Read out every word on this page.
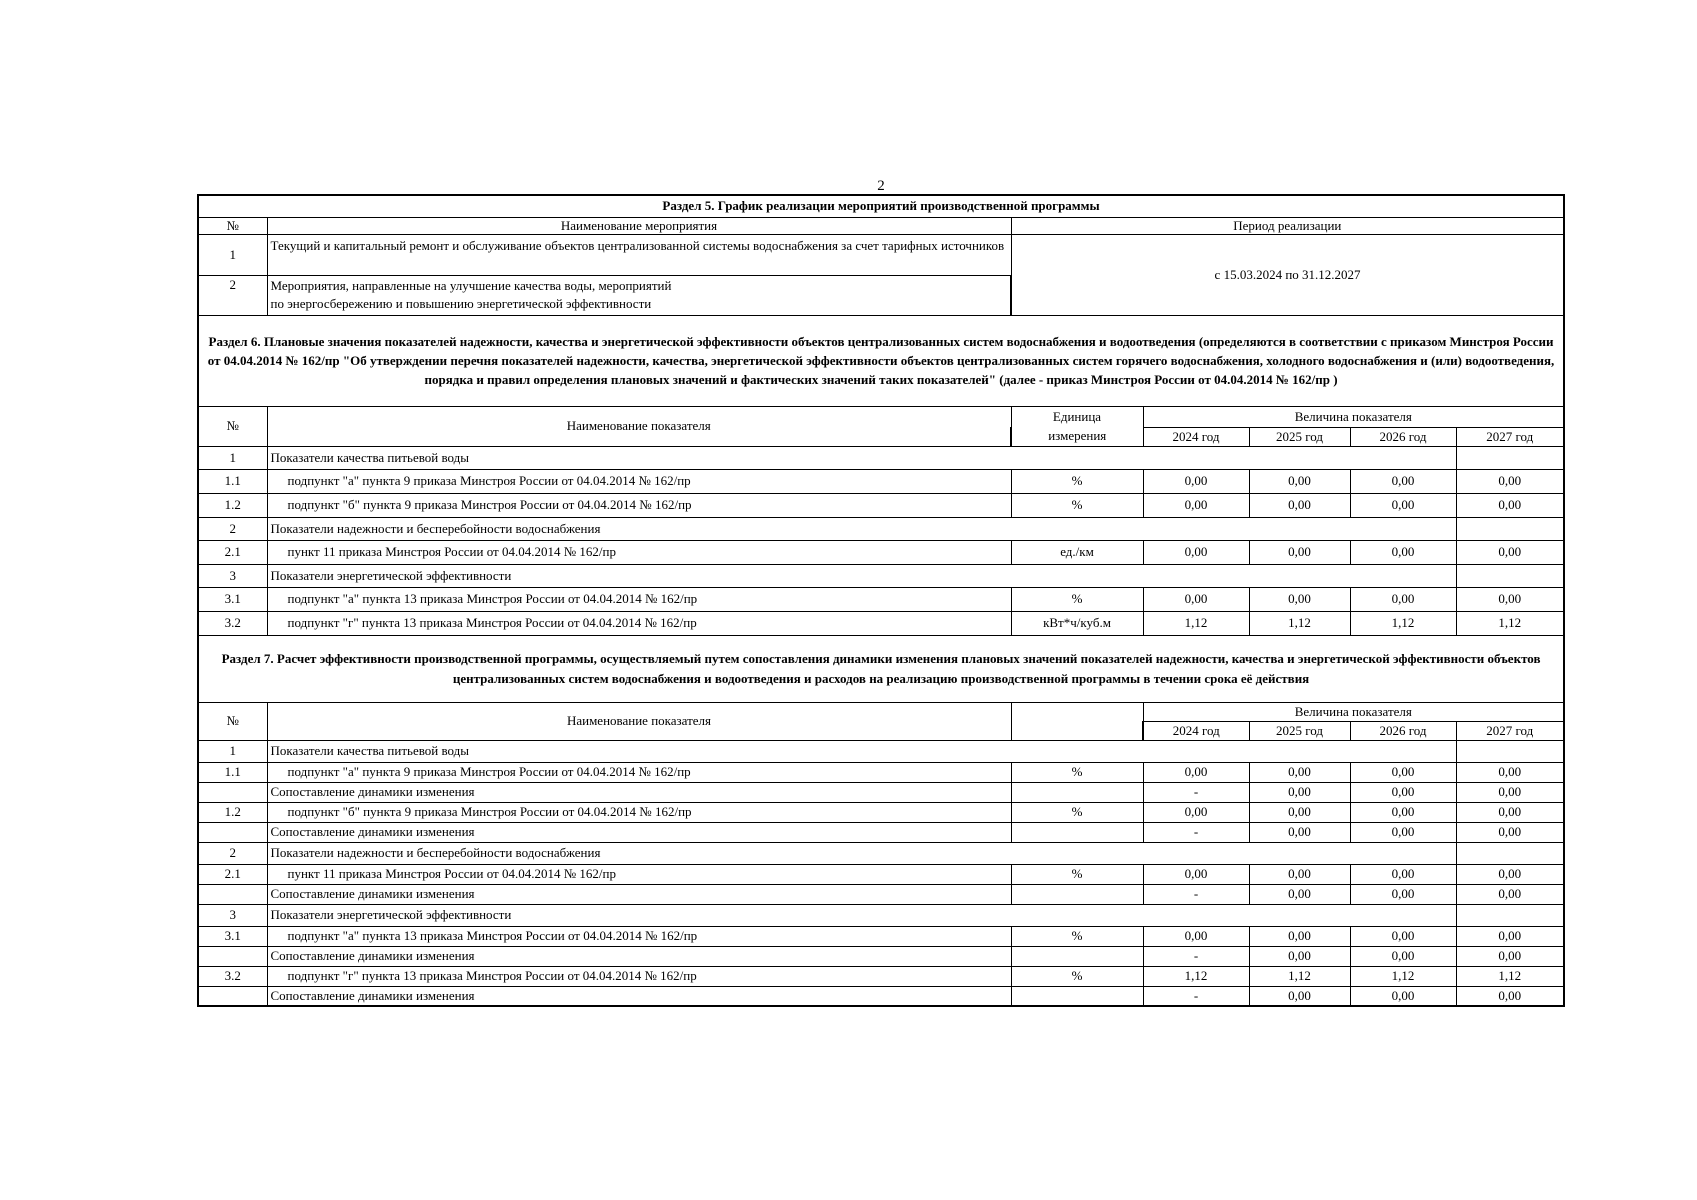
2
Раздел 5. График реализации мероприятий производственной программы						
№	Наименование мероприятия	Период реализации				
1	Текущий и капитальный ремонт и обслуживание объектов централизованной системы водоснабжения за счет тарифных источников	с 15.03.2024 по 31.12.2027				
2	Мероприятия, направленные на улучшение качества воды, мероприятий
по энергосбережению и повышению энергетической эффективности					
Раздел 6. Плановые значения показателей надежности, качества и энергетической эффективности объектов централизованных систем водоснабжения и водоотведения (определяются в соответствии с приказом Минстроя России от 04.04.2014 № 162/пр "Об утверждении перечня показателей надежности, качества, энергетической эффективности объектов централизованных систем горячего водоснабжения, холодного водоснабжения и (или) водоотведения, порядка и правил определения плановых значений и фактических значений таких показателей" (далее - приказ Минстроя России от 04.04.2014 № 162/пр )						
№	Наименование показателя	Единица	Величина показателя			
		измерения	2024 год	2025 год	2026 год	2027 год
1	Показатели качества питьевой воды					
1.1	подпункт "а" пункта 9 приказа Минстроя России от 04.04.2014 № 162/пр	%	0,00	0,00	0,00	0,00
1.2	подпункт "б" пункта 9 приказа Минстроя России от 04.04.2014 № 162/пр	%	0,00	0,00	0,00	0,00
2	Показатели надежности и бесперебойности водоснабжения					
2.1	пункт 11 приказа Минстроя России от 04.04.2014 № 162/пр	ед./км	0,00	0,00	0,00	0,00
3	Показатели энергетической эффективности					
3.1	подпункт "а" пункта 13 приказа Минстроя России от 04.04.2014 № 162/пр	%	0,00	0,00	0,00	0,00
3.2	подпункт "г" пункта 13 приказа Минстроя России от 04.04.2014 № 162/пр	кВт*ч/куб.м	1,12	1,12	1,12	1,12
Раздел 7. Расчет эффективности производственной программы, осуществляемый путем сопоставления динамики изменения плановых значений показателей надежности, качества и энергетической эффективности объектов централизованных систем водоснабжения и водоотведения и расходов на реализацию производственной программы в течении срока её действия						
№	Наименование показателя		Величина показателя			
			2024 год	2025 год	2026 год	2027 год
1	Показатели качества питьевой воды					
1.1	подпункт "а" пункта 9 приказа Минстроя России от 04.04.2014 № 162/пр	%	0,00	0,00	0,00	0,00
	Сопоставление динамики изменения		-	0,00	0,00	0,00
1.2	подпункт "б" пункта 9 приказа Минстроя России от 04.04.2014 № 162/пр	%	0,00	0,00	0,00	0,00
	Сопоставление динамики изменения		-	0,00	0,00	0,00
2	Показатели надежности и бесперебойности водоснабжения					
2.1	пункт 11 приказа Минстроя России от 04.04.2014 № 162/пр	%	0,00	0,00	0,00	0,00
	Сопоставление динамики изменения		-	0,00	0,00	0,00
3	Показатели энергетической эффективности					
3.1	подпункт "а" пункта 13 приказа Минстроя России от 04.04.2014 № 162/пр	%	0,00	0,00	0,00	0,00
	Сопоставление динамики изменения		-	0,00	0,00	0,00
3.2	подпункт "г" пункта 13 приказа Минстроя России от 04.04.2014 № 162/пр	%	1,12	1,12	1,12	1,12
	Сопоставление динамики изменения		-	0,00	0,00	0,00
